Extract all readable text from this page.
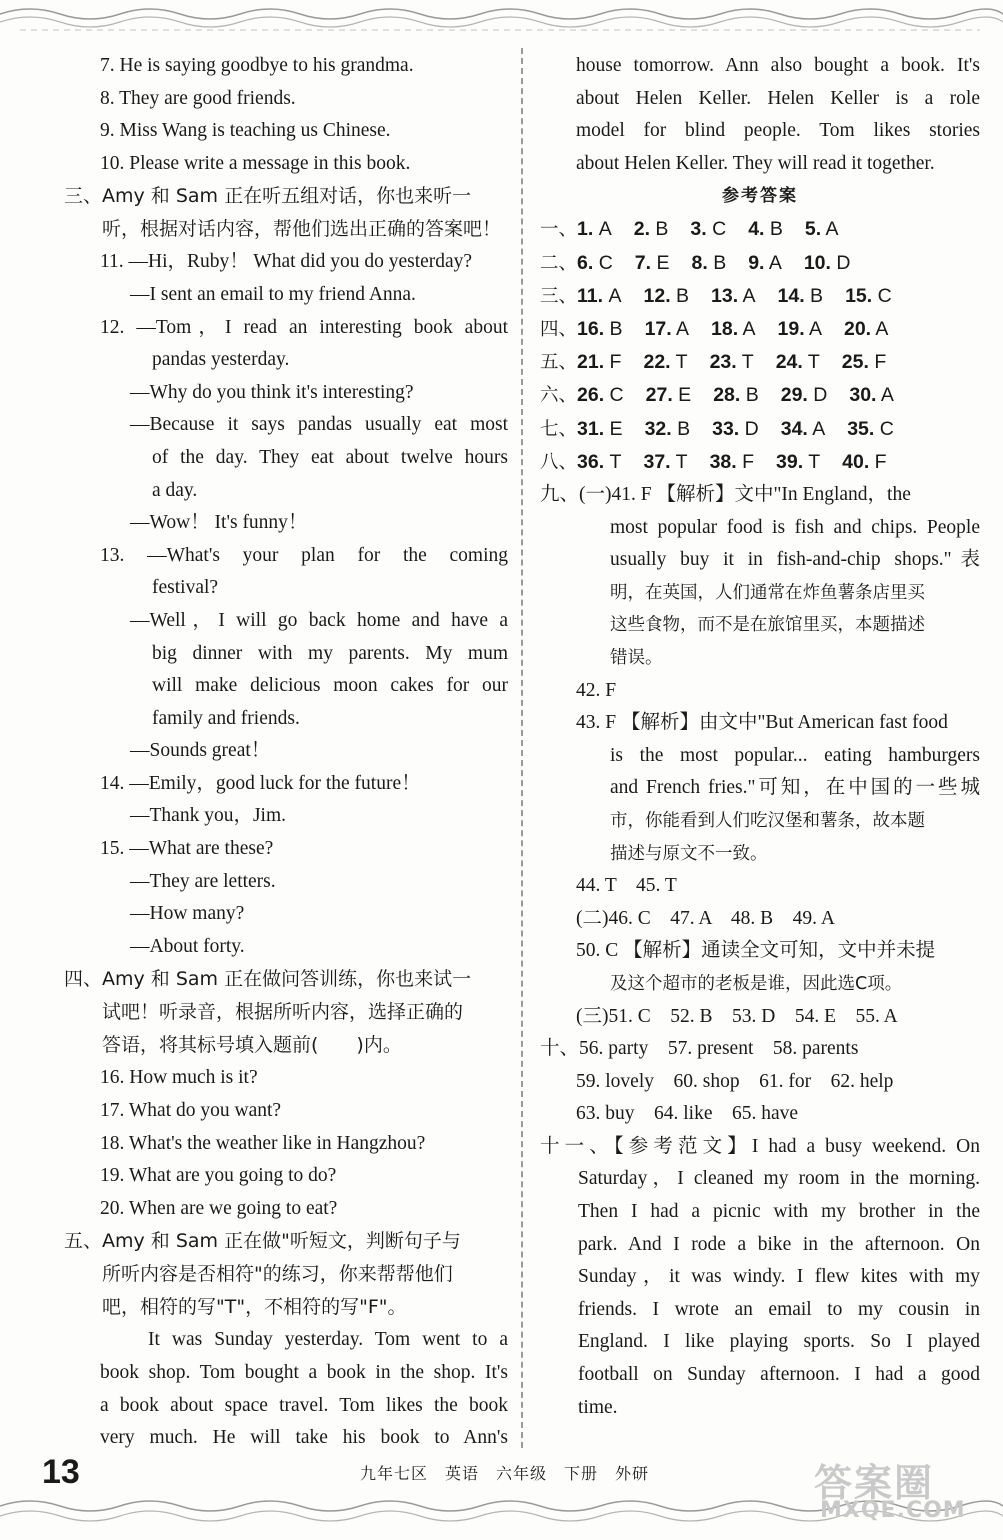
7. He is saying goodbye to his grandma.
8. They are good friends.
9. Miss Wang is teaching us Chinese.
10. Please write a message in this book.
三、Amy 和 Sam 正在听五组对话，你也来听一
听，根据对话内容，帮他们选出正确的答案吧！
11. —Hi，Ruby！ What did you do yesterday?
—I sent an email to my friend Anna.
12. —Tom，I read an interesting book about
pandas yesterday.
—Why do you think it's interesting?
—Because it says pandas usually eat most
of the day. They eat about twelve hours
a day.
—Wow！ It's funny！
13. —What's your plan for the coming
festival?
—Well，I will go back home and have a
big dinner with my parents. My mum
will make delicious moon cakes for our
family and friends.
—Sounds great！
14. —Emily，good luck for the future！
—Thank you，Jim.
15. —What are these?
—They are letters.
—How many?
—About forty.
四、Amy 和 Sam 正在做问答训练，你也来试一
试吧！听录音，根据所听内容，选择正确的
答语，将其标号填入题前(　　)内。
16. How much is it?
17. What do you want?
18. What's the weather like in Hangzhou?
19. What are you going to do?
20. When are we going to eat?
五、Amy 和 Sam 正在做"听短文，判断句子与
所听内容是否相符"的练习，你来帮帮他们
吧，相符的写"T"，不相符的写"F"。
It was Sunday yesterday. Tom went to a
book shop. Tom bought a book in the shop. It's
a book about space travel. Tom likes the book
very much. He will take his book to Ann's
house tomorrow. Ann also bought a book. It's
about Helen Keller. Helen Keller is a role
model for blind people. Tom likes stories
about Helen Keller. They will read it together.
参考答案
一、1. A 2. B 3. C 4. B 5. A
二、6. C 7. E 8. B 9. A 10. D
三、11. A 12. B 13. A 14. B 15. C
四、16. B 17. A 18. A 19. A 20. A
五、21. F 22. T 23. T 24. T 25. F
六、26. C 27. E 28. B 29. D 30. A
七、31. E 32. B 33. D 34. A 35. C
八、36. T 37. T 38. F 39. T 40. F
九、(一)41. F 【解析】文中"In England，the
most popular food is fish and chips. People
usually buy it in fish-and-chip shops."表
明，在英国，人们通常在炸鱼薯条店里买
这些食物，而不是在旅馆里买，本题描述
错误。
42. F
43. F 【解析】由文中"But American fast food
is the most popular... eating hamburgers
and French fries."可知，在中国的一些城
市，你能看到人们吃汉堡和薯条，故本题
描述与原文不一致。
44. T　45. T
(二)46. C　47. A　48. B　49. A
50. C 【解析】通读全文可知，文中并未提
及这个超市的老板是谁，因此选C项。
(三)51. C　52. B　53. D　54. E　55. A
十、56. party　57. present　58. parents
59. lovely　60. shop　61. for　62. help
63. buy　64. like　65. have
十一、【参考范文】I had a busy weekend. On
Saturday，I cleaned my room in the morning.
Then I had a picnic with my brother in the
park. And I rode a bike in the afternoon. On
Sunday，it was windy. I flew kites with my
friends. I wrote an email to my cousin in
England. I like playing sports. So I played
football on Sunday afternoon. I had a good
time.
13	九年七区　英语　六年级　下册　外研	答案圈
MXQE.COM
